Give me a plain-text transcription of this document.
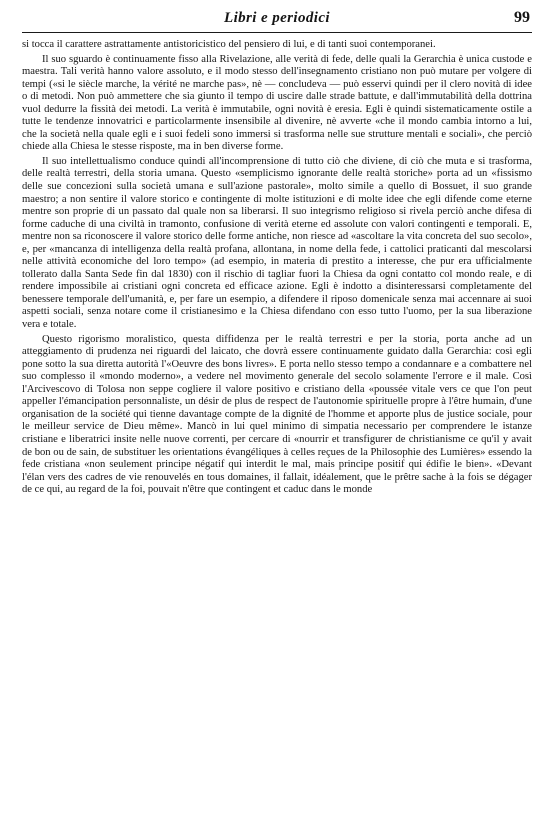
Libri e periodici	99

si tocca il carattere astrattamente antistoricistico del pensiero di lui, e di tanti suoi contemporanei.

Il suo sguardo è continuamente fisso alla Rivelazione, alle verità di fede, delle quali la Gerarchia è unica custode e maestra. Tali verità hanno valore assoluto, e il modo stesso dell'insegnamento cristiano non può mutare per volgere di tempi («si le siècle marche, la vérité ne marche pas», nè — concludeva — può esservi quindi per il clero novità di idee o di metodi. Non può ammettere che sia giunto il tempo di uscire dalle strade battute, e dall'immutabilità della dottrina vuol dedurre la fissità dei metodi. La verità è immutabile, ogni novità è eresia. Egli è quindi sistematicamente ostile a tutte le tendenze innovatrici e particolarmente insensibile al divenire, nè avverte «che il mondo cambia intorno a lui, che la società nella quale egli e i suoi fedeli sono immersi si trasforma nelle sue strutture mentali e sociali», che perciò chiede alla Chiesa le stesse risposte, ma in ben diverse forme.

Il suo intellettualismo conduce quindi all'incomprensione di tutto ciò che diviene, di ciò che muta e si trasforma, delle realtà terrestri, della storia umana. Questo «semplicismo ignorante delle realtà storiche» porta ad un «fissismo delle sue concezioni sulla società umana e sull'azione pastorale», molto simile a quello di Bossuet, il suo grande maestro; a non sentire il valore storico e contingente di molte istituzioni e di molte idee che egli difende come eterne mentre son proprie di un passato dal quale non sa liberarsi. Il suo integrismo religioso si rivela perciò anche difesa di forme caduche di una civiltà in tramonto, confusione di verità eterne ed assolute con valori contingenti e temporali. E, mentre non sa riconoscere il valore storico delle forme antiche, non riesce ad «ascoltare la vita concreta del suo secolo», e, per «mancanza di intelligenza della realtà profana, allontana, in nome della fede, i cattolici praticanti dal mescolarsi nelle attività economiche del loro tempo» (ad esempio, in materia di prestito a interesse, che pur era ufficialmente tollerato dalla Santa Sede fin dal 1830) con il rischio di tagliar fuori la Chiesa da ogni contatto col mondo reale, e di rendere impossibile ai cristiani ogni concreta ed efficace azione. Egli è indotto a disinteressarsi completamente del benessere temporale dell'umanità, e, per fare un esempio, a difendere il riposo domenicale senza mai accennare ai suoi aspetti sociali, senza notare come il cristianesimo e la Chiesa difendano con esso tutto l'uomo, per la sua liberazione vera e totale.

Questo rigorismo moralistico, questa diffidenza per le realtà terrestri e per la storia, porta anche ad un atteggiamento di prudenza nei riguardi del laicato, che dovrà essere continuamente guidato dalla Gerarchia: così egli pone sotto la sua diretta autorità l'«Oeuvre des bons livres». E porta nello stesso tempo a condannare e a combattere nel suo complesso il «mondo moderno», a vedere nel movimento generale del secolo solamente l'errore e il male. Così l'Arcivescovo di Tolosa non seppe cogliere il valore positivo e cristiano della «poussée vitale vers ce que l'on peut appeller l'émancipation personnaliste, un désir de plus de respect de l'autonomie spirituelle propre à l'être humain, d'une organisation de la société qui tienne davantage compte de la dignité de l'homme et apporte plus de justice sociale, pour le meilleur service de Dieu même». Mancò in lui quel minimo di simpatia necessario per comprendere le istanze cristiane e liberatrici insite nelle nuove correnti, per cercare di «nourrir et transfigurer de christianisme ce qu'il y avait de bon ou de sain, de substituer les orientations évangéliques à celles reçues de la Philosophie des Lumières» essendo la fede cristiana «non seulement principe négatif qui interdit le mal, mais principe positif qui édifie le bien». «Devant l'élan vers des cadres de vie renouvelés en tous domaines, il fallait, idéalement, que le prêtre sache à la fois se dégager de ce qui, au regard de la foi, pouvait n'être que contingent et caduc dans le monde
